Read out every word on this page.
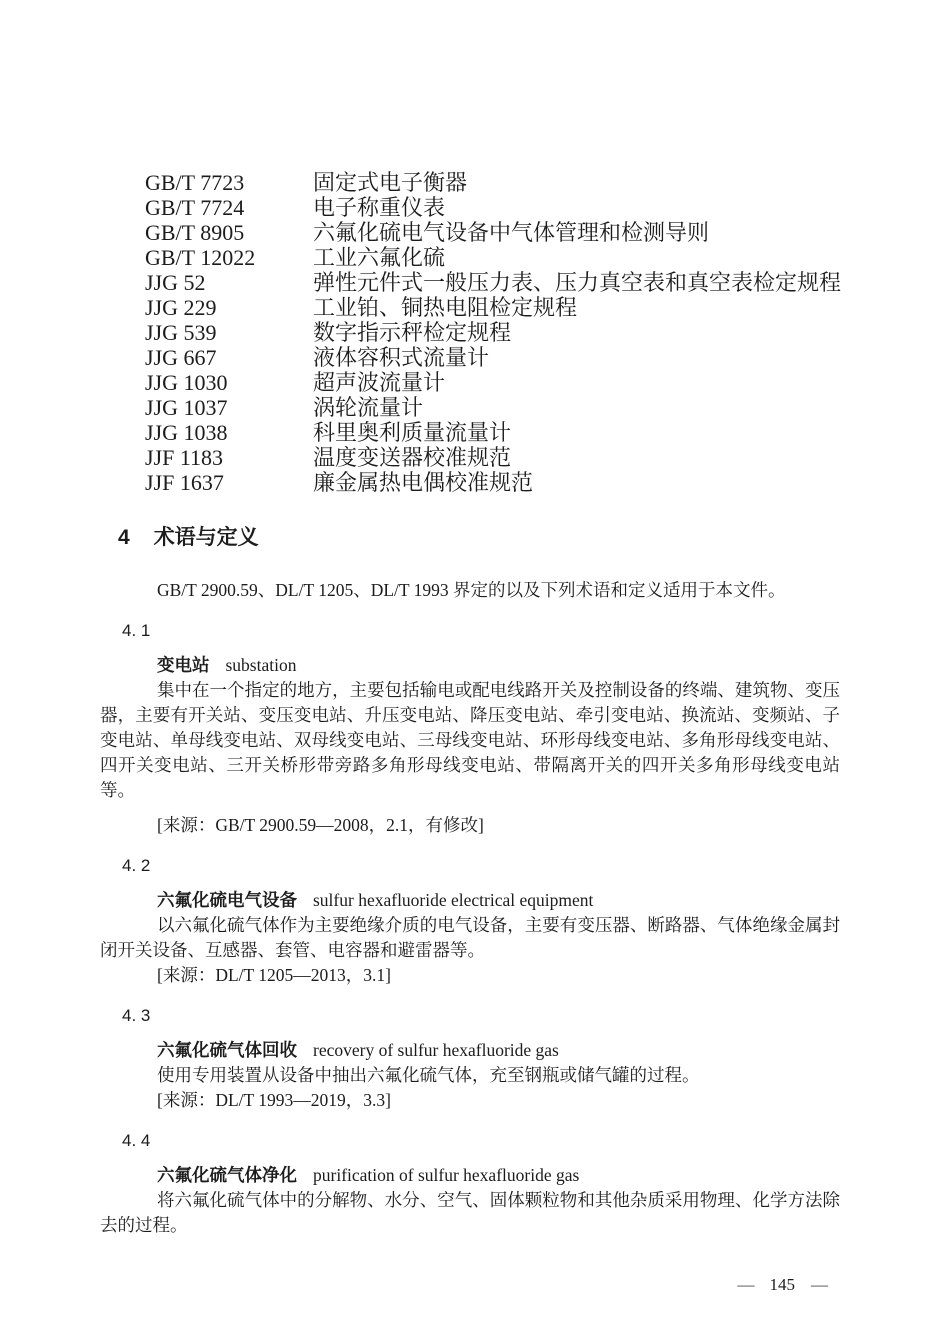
GB/T 7723	固定式电子衡器
GB/T 7724	电子称重仪表
GB/T 8905	六氟化硫电气设备中气体管理和检测导则
GB/T 12022	工业六氟化硫
JJG 52	弹性元件式一般压力表、压力真空表和真空表检定规程
JJG 229	工业铂、铜热电阻检定规程
JJG 539	数字指示秤检定规程
JJG 667	液体容积式流量计
JJG 1030	超声波流量计
JJG 1037	涡轮流量计
JJG 1038	科里奥利质量流量计
JJF 1183	温度变送器校准规范
JJF 1637	廉金属热电偶校准规范
4 术语与定义

GB/T 2900.59、DL/T 1205、DL/T 1993 界定的以及下列术语和定义适用于本文件。

4. 1
变电站 substation

集中在一个指定的地方，主要包括输电或配电线路开关及控制设备的终端、建筑物、变压器，主要有开关站、变压变电站、升压变电站、降压变电站、牵引变电站、换流站、变频站、子变电站、单母线变电站、双母线变电站、三母线变电站、环形母线变电站、多角形母线变电站、四开关变电站、三开关桥形带旁路多角形母线变电站、带隔离开关的四开关多角形母线变电站等。

[来源：GB/T 2900.59—2008，2.1，有修改]

4. 2
六氟化硫电气设备 sulfur hexafluoride electrical equipment

以六氟化硫气体作为主要绝缘介质的电气设备，主要有变压器、断路器、气体绝缘金属封闭开关设备、互感器、套管、电容器和避雷器等。

[来源：DL/T 1205—2013，3.1]

4. 3
六氟化硫气体回收 recovery of sulfur hexafluoride gas

使用专用装置从设备中抽出六氟化硫气体，充至钢瓶或储气罐的过程。

[来源：DL/T 1993—2019，3.3]

4. 4
六氟化硫气体净化 purification of sulfur hexafluoride gas

将六氟化硫气体中的分解物、水分、空气、固体颗粒物和其他杂质采用物理、化学方法除去的过程。

— 145 —
